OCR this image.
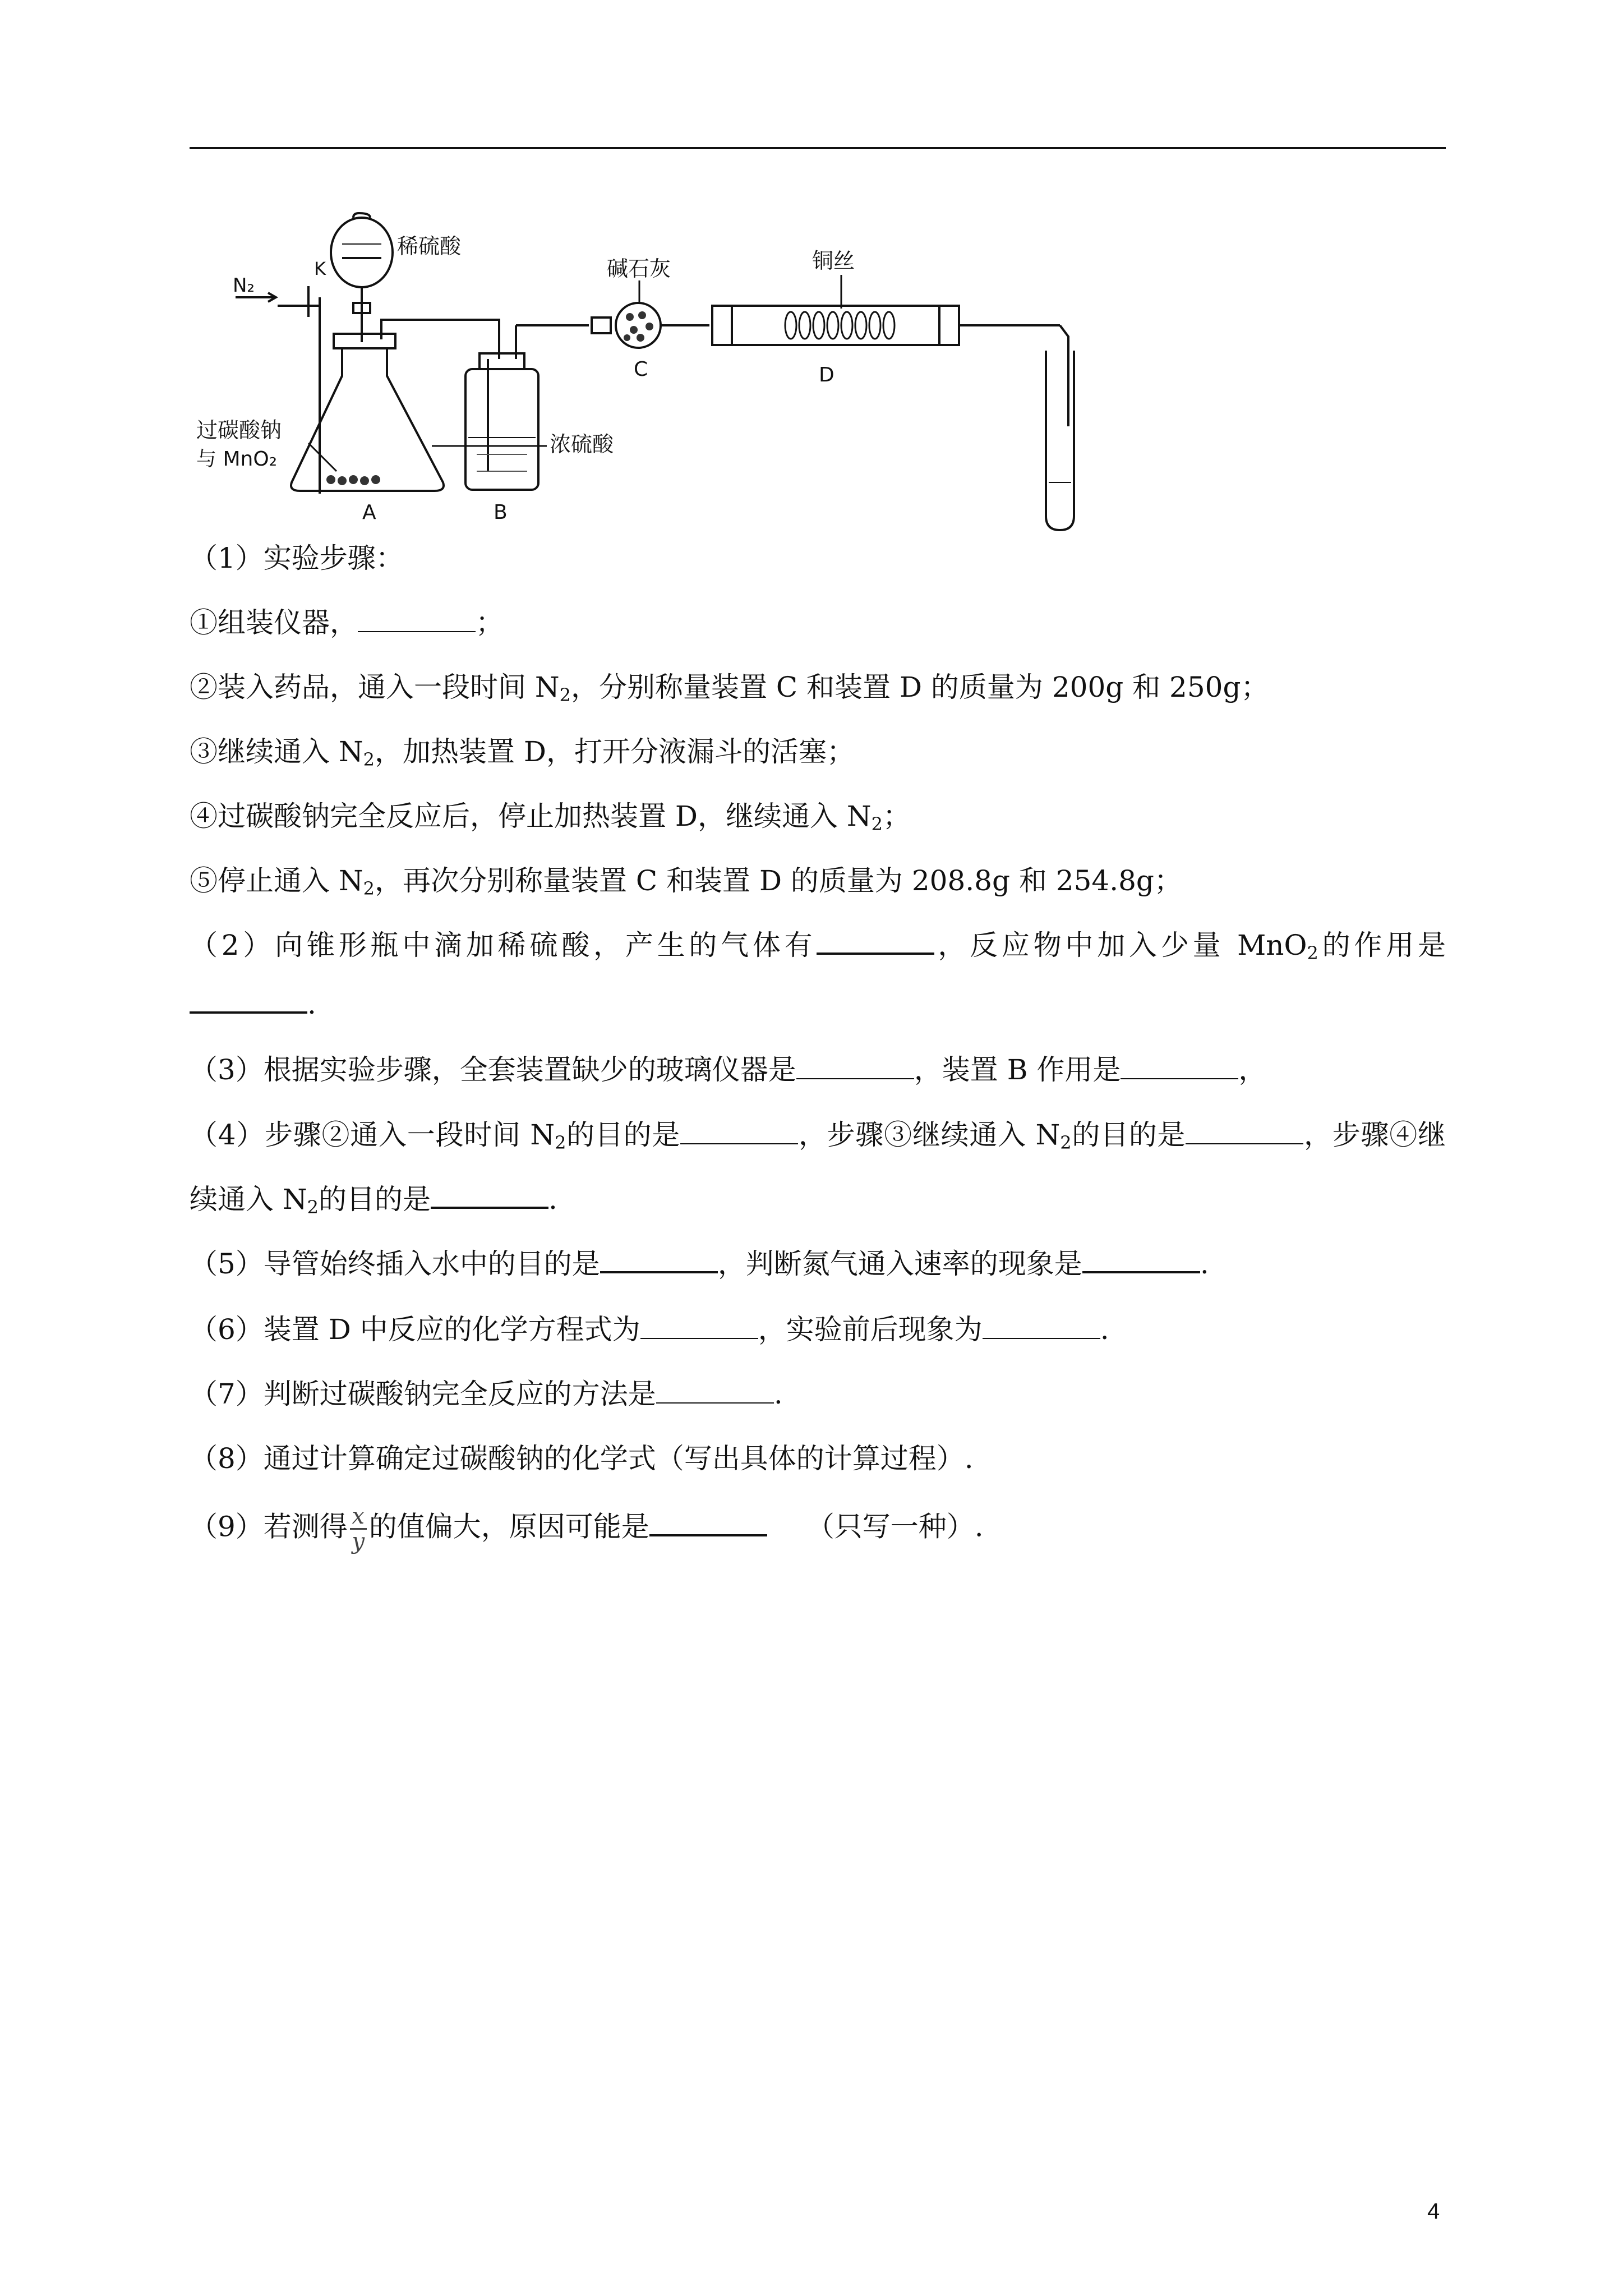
N₂
K
稀硫酸
碱石灰	铜丝
过碳酸钠
与 MnO₂
浓硫酸
A	B
C	D
（1）实验步骤：
①组装仪器，	；
②装入药品，通入一段时间 $N_2$，分别称量装置 C 和装置 D 的质量为 200g 和 250g；
③继续通入 $N_2$，加热装置 D，打开分液漏斗的活塞；
④过碳酸钠完全反应后，停止加热装置 D，继续通入 $N_2$；
⑤停止通入 $N_2$，再次分别称量装置 C 和装置 D 的质量为 208.8g 和 254.8g；
（2）向锥形瓶中滴加稀硫酸，产生的气体有	，反应物中加入少量 MnO$_2$的作用是
.
（3）根据实验步骤，全套装置缺少的玻璃仪器是	，装置 B 作用是	，
（4）步骤②通入一段时间 $N_2$的目的是	，步骤③继续通入 $N_2$的目的是	，步骤④继
续通入 $N_2$的目的是	.
（5）导管始终插入水中的目的是	，判断氮气通入速率的现象是	.
（6）装置 D 中反应的化学方程式为	，实验前后现象为	.
（7）判断过碳酸钠完全反应的方法是	.
（8）通过计算确定过碳酸钠的化学式（写出具体的计算过程）.
（9）若测得 $\frac{x}{y}$ 的值偏大，原因可能是	（只写一种）.
4
